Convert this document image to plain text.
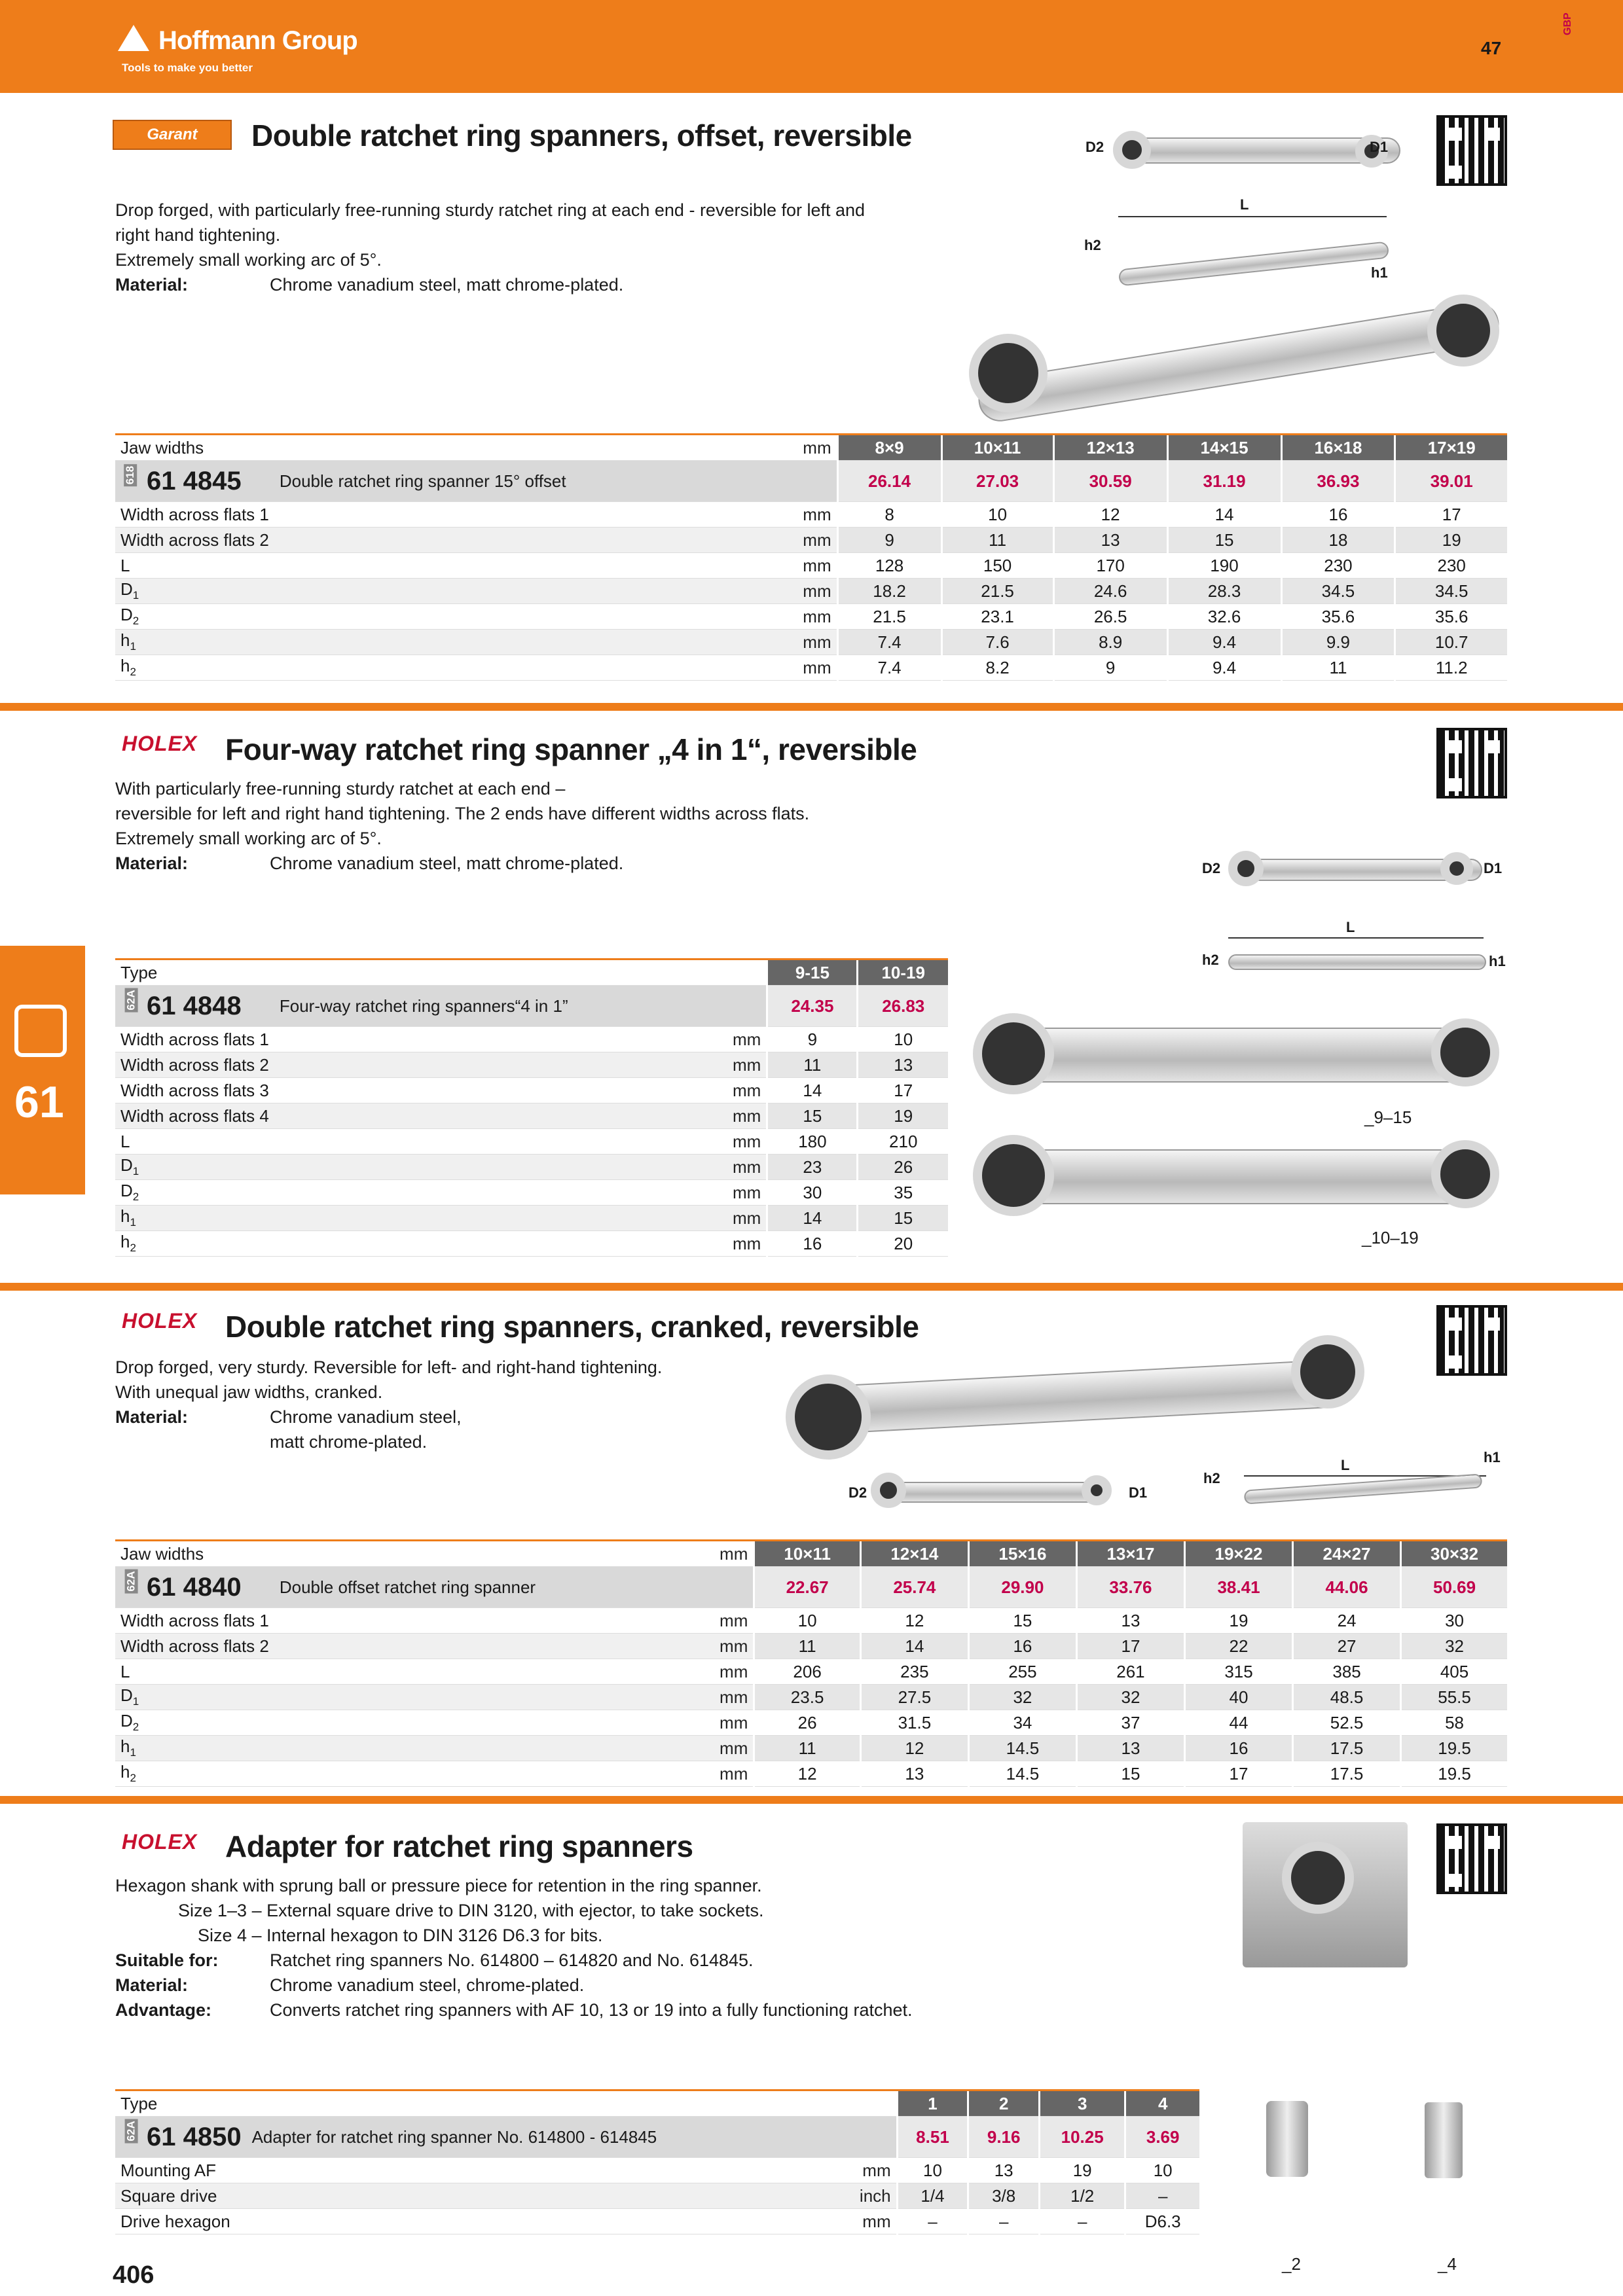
Hoffmann Group
Tools to make you better
47
GBP
61
Garant	Double ratchet ring spanners, offset, reversible
Drop forged, with particularly free-running sturdy ratchet ring at each end - reversible for left and
right hand tightening.
Extremely small working arc of 5°.
Material:	Chrome vanadium steel, matt chrome-plated.
D2	D1
L
h2
h1
Jaw widths	mm	8×9	10×11	12×13	14×15	16×18	17×19

618 61 4845	Double ratchet ring spanner 15° offset	26.14	27.03	30.59	31.19	36.93	39.01
Width across flats 1	mm	8	10	12	14	16	17
Width across flats 2	mm	9	11	13	15	18	19
L	mm	128	150	170	190	230	230
$D_1$	mm	18.2	21.5	24.6	28.3	34.5	34.5
$D_2$	mm	21.5	23.1	26.5	32.6	35.6	35.6
$h_1$	mm	7.4	7.6	8.9	9.4	9.9	10.7
$h_2$	mm	7.4	8.2	9	9.4	11	11.2
HOLEX Four-way ratchet ring spanner „4 in 1“, reversible
With particularly free-running sturdy ratchet at each end –
reversible for left and right hand tightening. The 2 ends have different widths across flats.
Extremely small working arc of 5°.
Material:	Chrome vanadium steel, matt chrome-plated.	D2	D1
L
h2	h1
_9–15
_10–19
Type		9-15	10-19

62A 61 4848	Four-way ratchet ring spanners“4 in 1”	24.35	26.83
Width across flats 1	mm	9	10
Width across flats 2	mm	11	13
Width across flats 3	mm	14	17
Width across flats 4	mm	15	19
L	mm	180	210
$D_1$	mm	23	26
$D_2$	mm	30	35
$h_1$	mm	14	15
$h_2$	mm	16	20
HOLEX Double ratchet ring spanners, cranked, reversible
Drop forged, very sturdy. Reversible for left- and right-hand tightening.
With unequal jaw widths, cranked.
Material:	Chrome vanadium steel,
matt chrome-plated.
D2	D1
L
h2
h1
Jaw widths	mm	10×11	12×14	15×16	13×17	19×22	24×27	30×32

62A 61 4840	Double offset ratchet ring spanner	22.67	25.74	29.90	33.76	38.41	44.06	50.69
Width across flats 1	mm	10	12	15	13	19	24	30
Width across flats 2	mm	11	14	16	17	22	27	32
L	mm	206	235	255	261	315	385	405
$D_1$	mm	23.5	27.5	32	32	40	48.5	55.5
$D_2$	mm	26	31.5	34	37	44	52.5	58
$h_1$	mm	11	12	14.5	13	16	17.5	19.5
$h_2$	mm	12	13	14.5	15	17	17.5	19.5
HOLEX Adapter for ratchet ring spanners
Hexagon shank with sprung ball or pressure piece for retention in the ring spanner.
Size 1–3 – External square drive to DIN 3120, with ejector, to take sockets.
Size 4 – Internal hexagon to DIN 3126 D6.3 for bits.
Suitable for:	Ratchet ring spanners No. 614800 – 614820 and No. 614845.
Material:	Chrome vanadium steel, chrome-plated.
Advantage:	Converts ratchet ring spanners with AF 10, 13 or 19 into a fully functioning ratchet.
Type		1	2	3	4

62A 61 4850	Adapter for ratchet ring spanner No. 614800 - 614845	8.51	9.16	10.25	3.69
Mounting AF	mm	10	13	19	10
Square drive	inch	1/4	3/8	1/2	–
Drive hexagon	mm	–	–	–	D6.3
_2	_4
406
